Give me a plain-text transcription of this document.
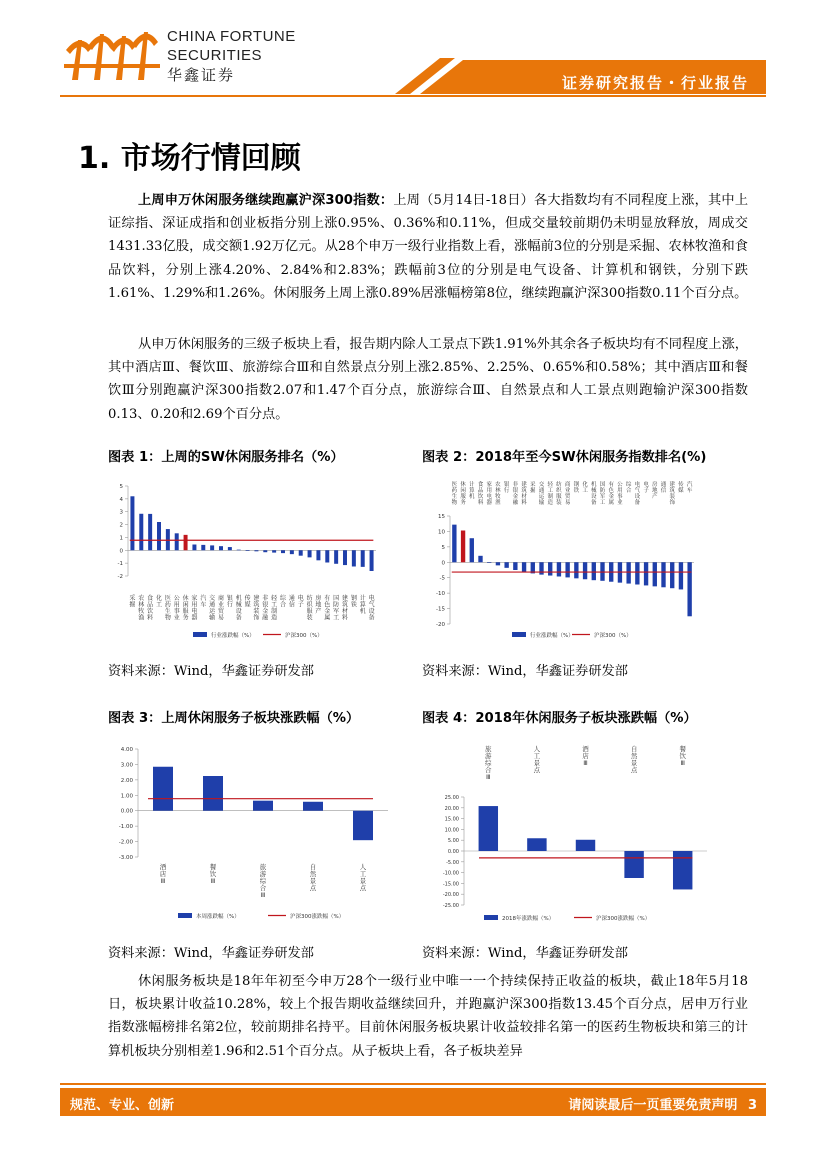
CHINA FORTUNE
SECURITIES
华鑫证券	证券研究报告・行业报告
1. 市场行情回顾
上周申万休闲服务继续跑赢沪深300指数：上周（5月14日-18日）各大指数均有不同程度上涨，其中上证综指、深证成指和创业板指分别上涨0.95%、0.36%和0.11%，但成交量较前期仍未明显放释放，周成交1431.33亿股，成交额1.92万亿元。从28个申万一级行业指数上看，涨幅前3位的分别是采掘、农林牧渔和食品饮料，分别上涨4.20%、2.84%和2.83%；跌幅前3位的分别是电气设备、计算机和钢铁，分别下跌1.61%、1.29%和1.26%。休闲服务上周上涨0.89%居涨幅榜第8位，继续跑赢沪深300指数0.11个百分点。
从申万休闲服务的三级子板块上看，报告期内除人工景点下跌1.91%外其余各子板块均有不同程度上涨，其中酒店Ⅲ、餐饮Ⅲ、旅游综合Ⅲ和自然景点分别上涨2.85%、2.25%、0.65%和0.58%；其中酒店Ⅲ和餐饮Ⅲ分别跑赢沪深300指数2.07和1.47个百分点，旅游综合Ⅲ、自然景点和人工景点则跑输沪深300指数0.13、0.20和2.69个百分点。
图表 1：上周的SW休闲服务排名（%）	图表 2：2018年至今SW休闲服务指数排名(%)
-2
-1
0
1
2
3
4
5
采掘
农林牧渔
食品饮料
化工
医药生物
公用事业
休闲服务
家用电器
汽车
交通运输
商业贸易
银行
机械设备
传媒
建筑装饰
非银金融
轻工制造
综合
通信
电子
纺织服装
房地产
有色金属
国防军工
建筑材料
钢铁
计算机
电气设备
行业涨跌幅（%）	沪深300（%）
-20
-15
-10
-5
0
5
10
15
医药生物
休闲服务
计算机
食品饮料
家用电器
农林牧渔
银行
非银金融
建筑材料
采掘
交通运输
轻工制造
纺织服装
商业贸易
钢铁
化工
机械设备
国防军工
有色金属
公用事业
综合
电气设备
电子
房地产
通信
建筑装饰
传媒
汽车
行业涨跌幅（%）	沪深300（%）
资料来源：Wind，华鑫证券研发部	资料来源：Wind，华鑫证券研发部
图表 3：上周休闲服务子板块涨跌幅（%）	图表 4：2018年休闲服务子板块涨跌幅（%）
4.00
3.00
2.00
1.00
0.00
-1.00
-2.00
-3.00
酒店 Ⅲ
餐饮 Ⅲ
旅游综合 Ⅲ
自然景点
人工景点
本周涨跌幅（%）	沪深300涨跌幅（%）
25.00
20.00
15.00
10.00
5.00
0.00
-5.00
-10.00
-15.00
-20.00
-25.00
旅游综合 Ⅲ
人工景点
酒店 Ⅲ
自然景点
餐饮 Ⅲ
2018年涨跌幅（%）	沪深300涨跌幅（%）
资料来源：Wind，华鑫证券研发部	资料来源：Wind，华鑫证券研发部
休闲服务板块是18年年初至今申万28个一级行业中唯一一个持续保持正收益的板块，截止18年5月18日，板块累计收益10.28%，较上个报告期收益继续回升，并跑赢沪深300指数13.45个百分点，居申万行业指数涨幅榜排名第2位，较前期排名持平。目前休闲服务板块累计收益较排名第一的医药生物板块和第三的计算机板块分别相差1.96和2.51个百分点。从子板块上看，各子板块差异
规范、专业、创新	请阅读最后一页重要免责声明 3
